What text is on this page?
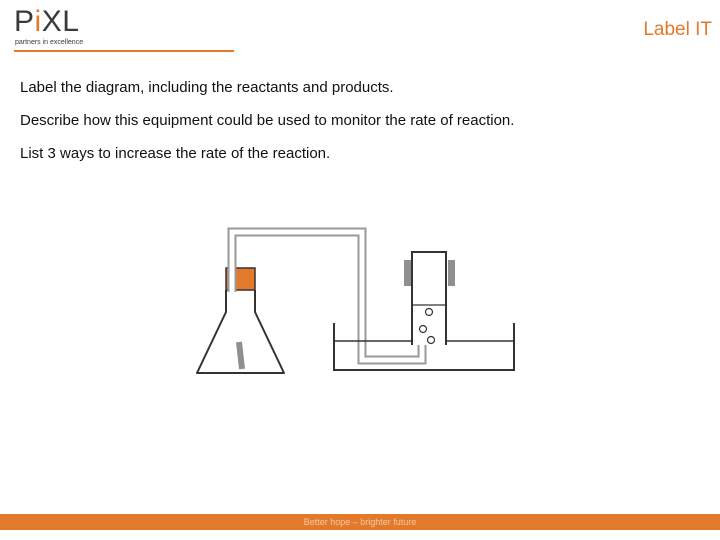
PiXL
partners in excellence
Label IT

Label the diagram, including the reactants and products.

Describe how this equipment could be used to monitor the rate of reaction.

List 3 ways to increase the rate of the reaction.

Better hope – brighter future
